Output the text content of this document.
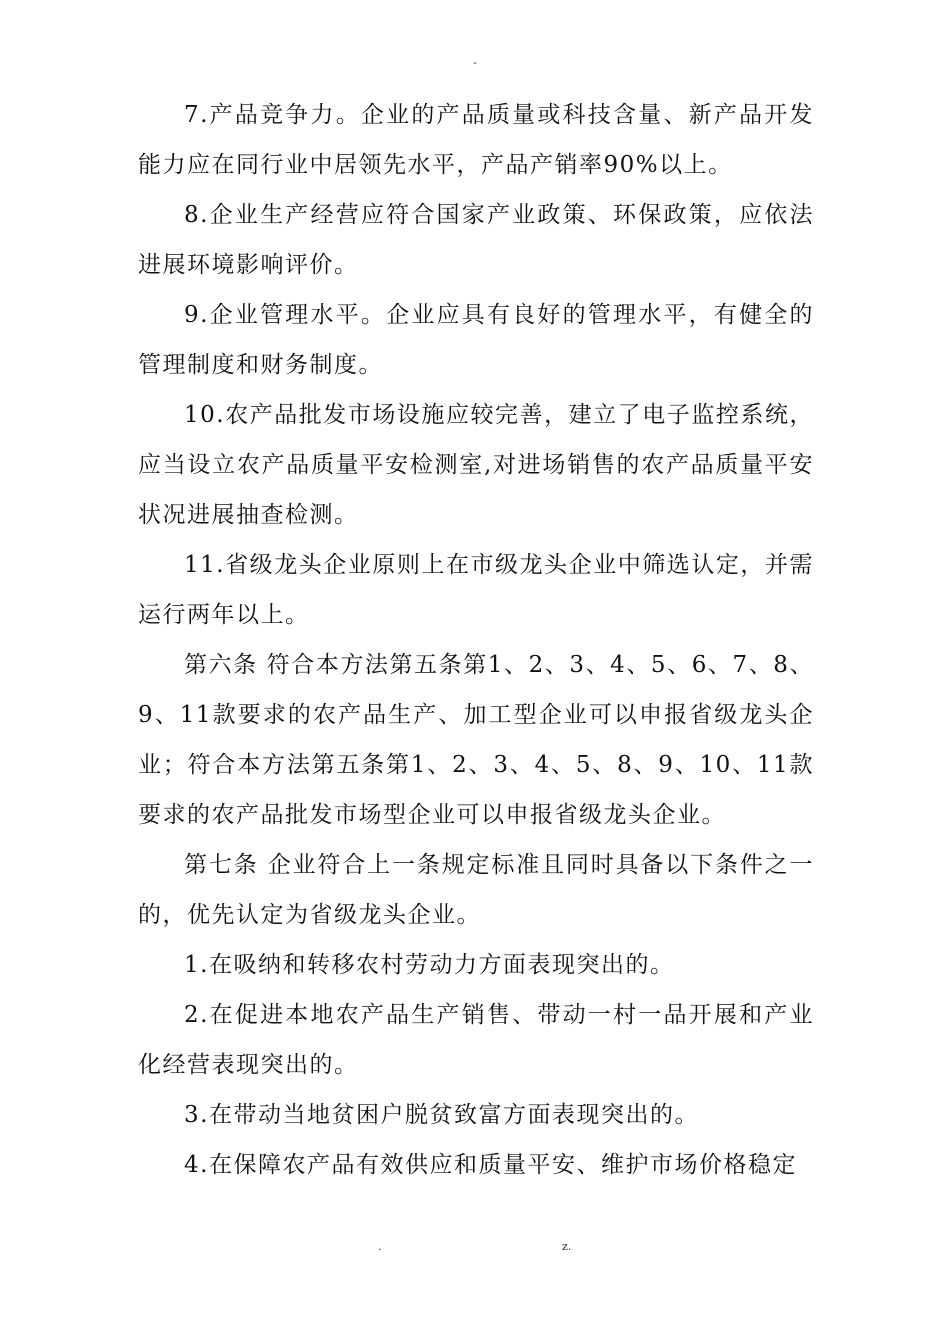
-

7.产品竞争力。企业的产品质量或科技含量、新产品开发能力应在同行业中居领先水平，产品产销率90%以上。

8.企业生产经营应符合国家产业政策、环保政策，应依法进展环境影响评价。

9.企业管理水平。企业应具有良好的管理水平，有健全的管理制度和财务制度。

10.农产品批发市场设施应较完善，建立了电子监控系统，应当设立农产品质量平安检测室,对进场销售的农产品质量平安状况进展抽查检测。

11.省级龙头企业原则上在市级龙头企业中筛选认定，并需运行两年以上。

第六条 符合本方法第五条第1、2、3、4、5、6、7、8、9、11款要求的农产品生产、加工型企业可以申报省级龙头企业；符合本方法第五条第1、2、3、4、5、8、9、10、11款要求的农产品批发市场型企业可以申报省级龙头企业。

第七条 企业符合上一条规定标准且同时具备以下条件之一的，优先认定为省级龙头企业。

1.在吸纳和转移农村劳动力方面表现突出的。

2.在促进本地农产品生产销售、带动一村一品开展和产业化经营表现突出的。

3.在带动当地贫困户脱贫致富方面表现突出的。

4.在保障农产品有效供应和质量平安、维护市场价格稳定

.	z.
